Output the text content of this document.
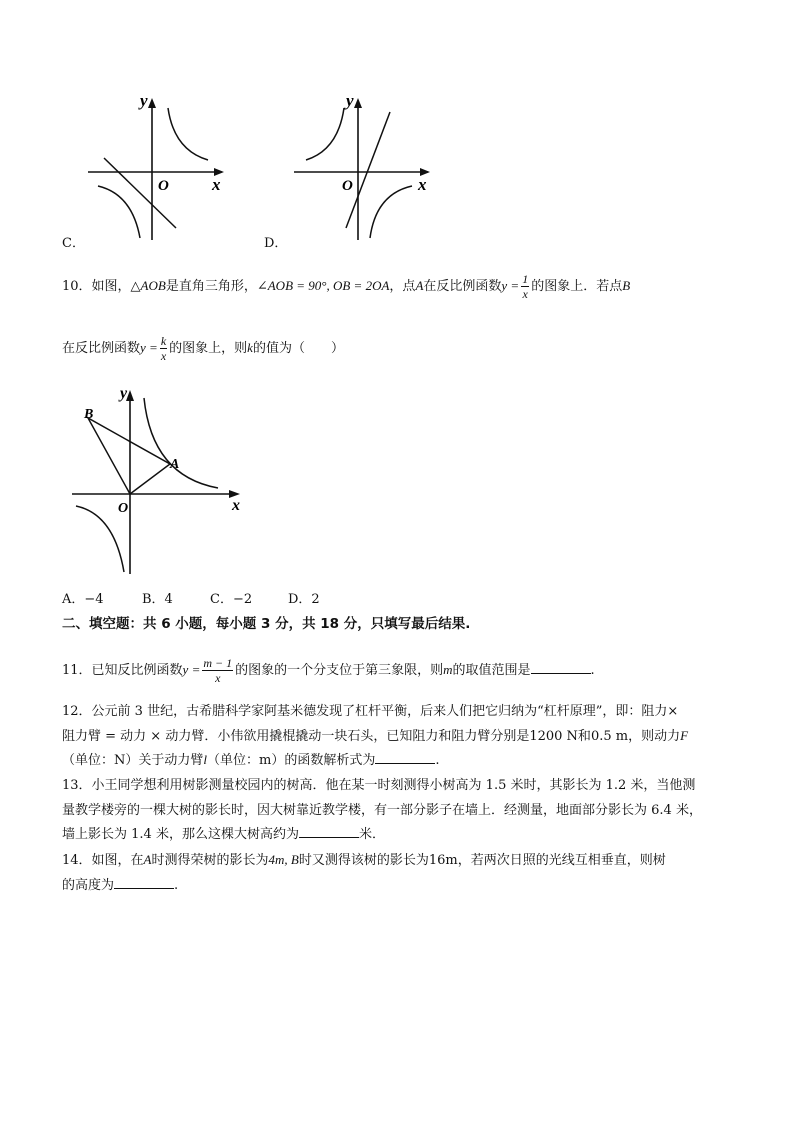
y
x
O
C．
y
x
O
D．
10．如图，△AOB是直角三角形，∠AOB = 90°, OB = 2OA，点A在反比例函数$y = \frac{1}{x}$ 的图象上．若点B
在反比例函数$y = \frac{k}{x}$ 的图象上，则k的值为（　　）
y
x
O
A
B
A．−4	B．4	C．−2	D．2
二、填空题：共 6 小题，每小题 3 分，共 18 分，只填写最后结果.
11．已知反比例函数$y = \frac{m - 1}{x}$ 的图象的一个分支位于第三象限，则m的取值范围是	.
12．公元前 3 世纪，古希腊科学家阿基米德发现了杠杆平衡，后来人们把它归纳为“杠杆原理”，即：阻力×
阻力臂 = 动力 × 动力臂．小伟欲用撬棍撬动一块石头，已知阻力和阻力臂分别是1200 N和0.5 m，则动力F
（单位：N）关于动力臂l（单位：m）的函数解析式为	.
13．小王同学想利用树影测量校园内的树高．他在某一时刻测得小树高为 1.5 米时，其影长为 1.2 米，当他测
量教学楼旁的一棵大树的影长时，因大树靠近教学楼，有一部分影子在墙上．经测量，地面部分影长为 6.4 米，
墙上影长为 1.4 米，那么这棵大树高约为	米．
14．如图，在A时测得荣树的影长为4m, B时又测得该树的影长为16m，若两次日照的光线互相垂直，则树
的高度为	.
